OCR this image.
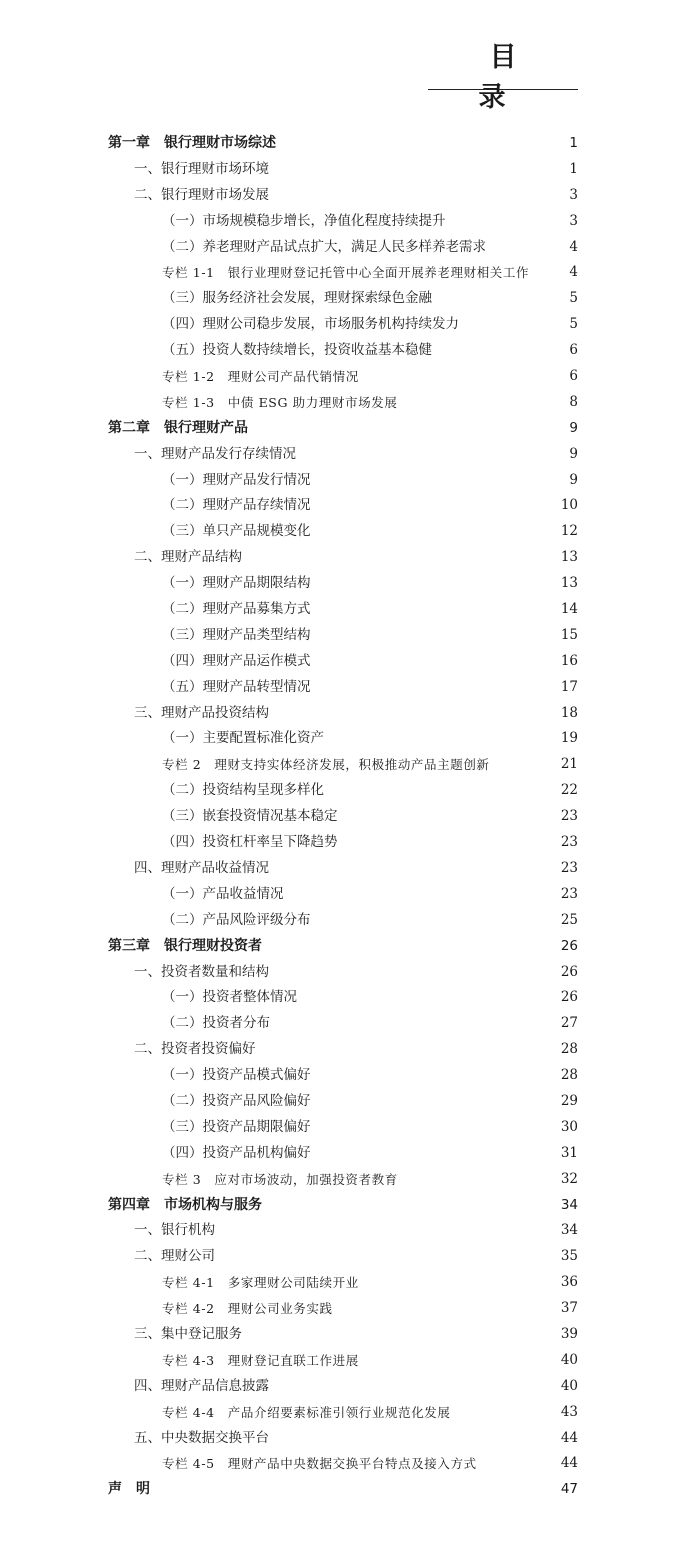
目 录
第一章　银行理财市场综述	1
一、银行理财市场环境	1
二、银行理财市场发展	3
（一）市场规模稳步增长，净值化程度持续提升	3
（二）养老理财产品试点扩大，满足人民多样养老需求	4
专栏 1-1　银行业理财登记托管中心全面开展养老理财相关工作	4
（三）服务经济社会发展，理财探索绿色金融	5
（四）理财公司稳步发展，市场服务机构持续发力	5
（五）投资人数持续增长，投资收益基本稳健	6
专栏 1-2　理财公司产品代销情况	6
专栏 1-3　中债 ESG 助力理财市场发展	8
第二章　银行理财产品	9
一、理财产品发行存续情况	9
（一）理财产品发行情况	9
（二）理财产品存续情况	10
（三）单只产品规模变化	12
二、理财产品结构	13
（一）理财产品期限结构	13
（二）理财产品募集方式	14
（三）理财产品类型结构	15
（四）理财产品运作模式	16
（五）理财产品转型情况	17
三、理财产品投资结构	18
（一）主要配置标准化资产	19
专栏 2　理财支持实体经济发展，积极推动产品主题创新	21
（二）投资结构呈现多样化	22
（三）嵌套投资情况基本稳定	23
（四）投资杠杆率呈下降趋势	23
四、理财产品收益情况	23
（一）产品收益情况	23
（二）产品风险评级分布	25
第三章　银行理财投资者	26
一、投资者数量和结构	26
（一）投资者整体情况	26
（二）投资者分布	27
二、投资者投资偏好	28
（一）投资产品模式偏好	28
（二）投资产品风险偏好	29
（三）投资产品期限偏好	30
（四）投资产品机构偏好	31
专栏 3　应对市场波动，加强投资者教育	32
第四章　市场机构与服务	34
一、银行机构	34
二、理财公司	35
专栏 4-1　多家理财公司陆续开业	36
专栏 4-2　理财公司业务实践	37
三、集中登记服务	39
专栏 4-3　理财登记直联工作进展	40
四、理财产品信息披露	40
专栏 4-4　产品介绍要素标准引领行业规范化发展	43
五、中央数据交换平台	44
专栏 4-5　理财产品中央数据交换平台特点及接入方式	44
声　明	47
